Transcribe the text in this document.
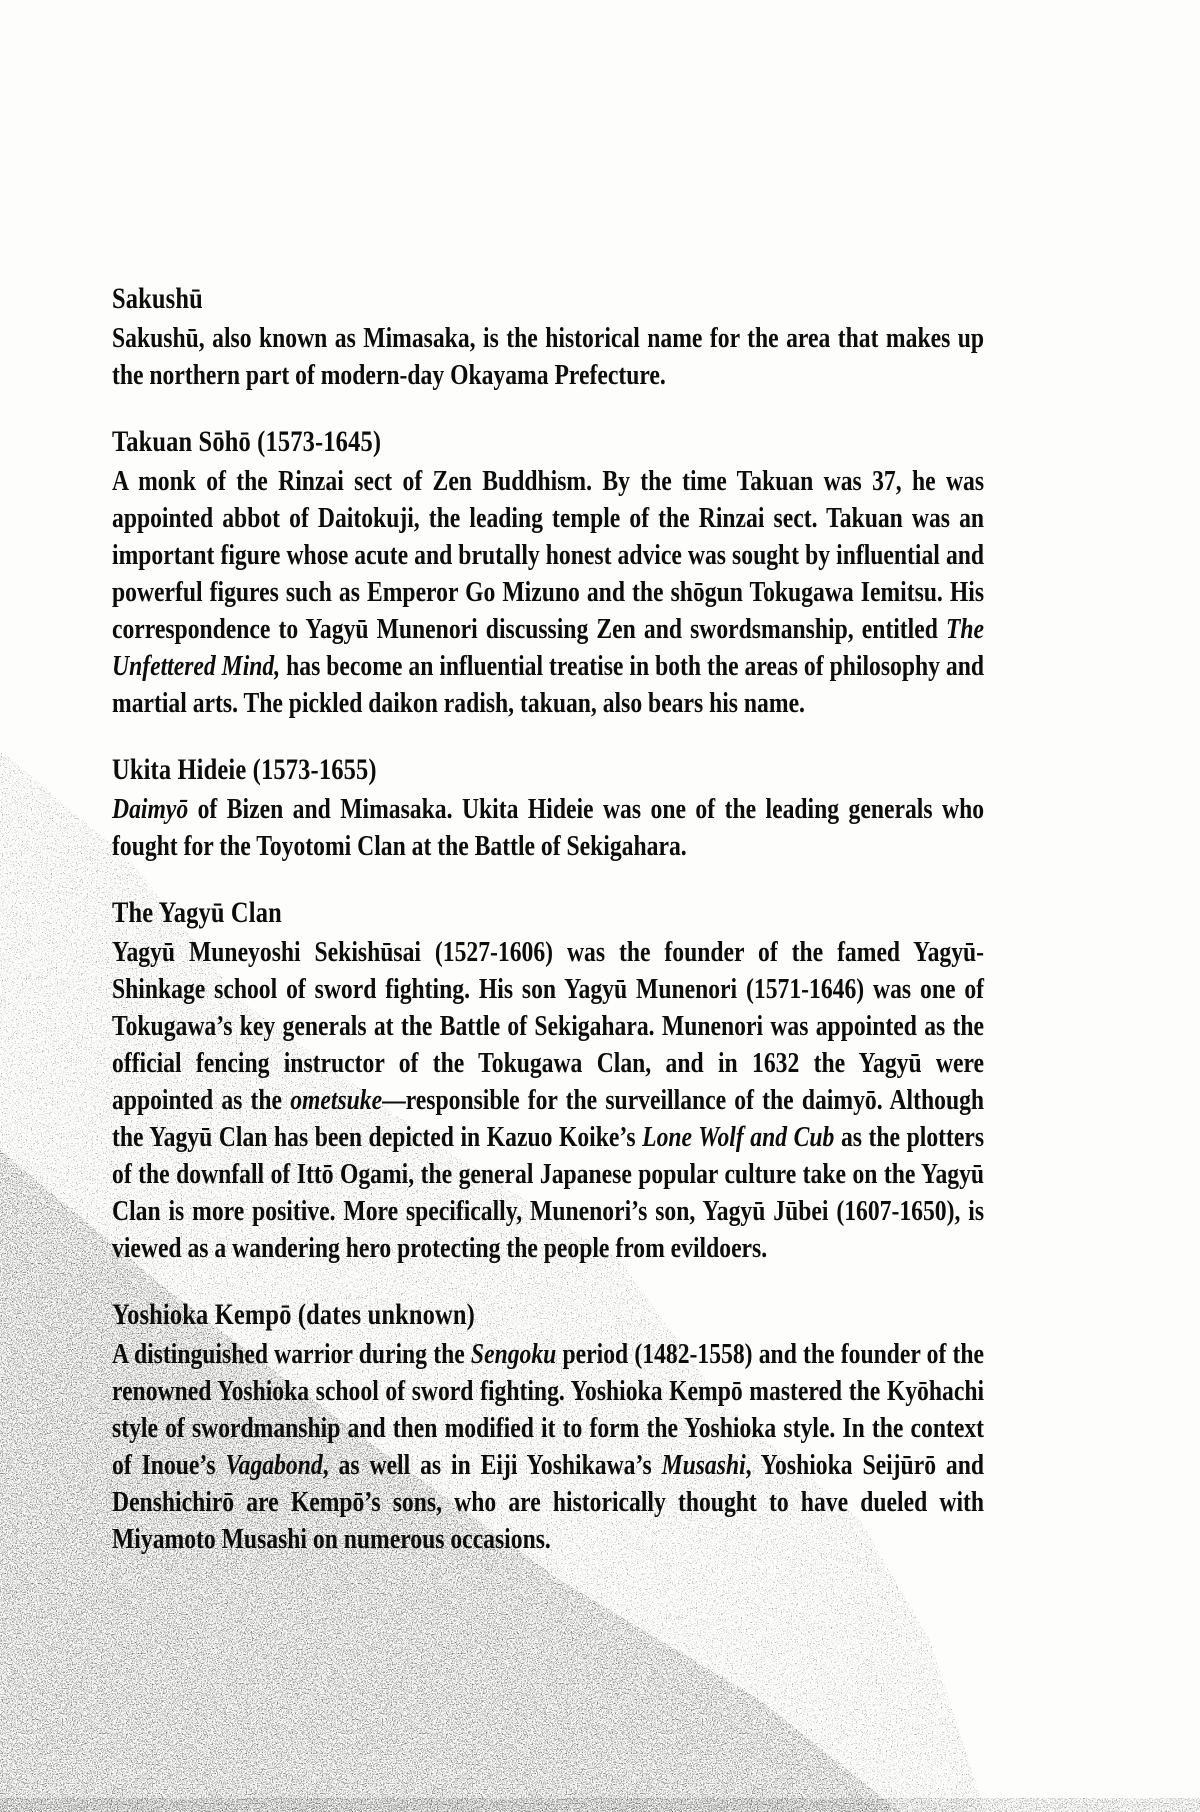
Sakushū

Sakushū, also known as Mimasaka, is the historical name for the area that makes up the northern part of modern-day Okayama Prefecture.

Takuan Sōhō (1573-1645)

A monk of the Rinzai sect of Zen Buddhism. By the time Takuan was 37, he was appointed abbot of Daitokuji, the leading temple of the Rinzai sect. Takuan was an important figure whose acute and brutally honest advice was sought by influential and powerful figures such as Emperor Go Mizuno and the shōgun Tokugawa Iemitsu. His correspondence to Yagyū Munenori discussing Zen and swordsmanship, entitled The Unfettered Mind, has become an influential treatise in both the areas of philosophy and martial arts. The pickled daikon radish, takuan, also bears his name.

Ukita Hideie (1573-1655)

Daimyō of Bizen and Mimasaka. Ukita Hideie was one of the leading generals who fought for the Toyotomi Clan at the Battle of Sekigahara.

The Yagyū Clan

Yagyū Muneyoshi Sekishūsai (1527-1606) was the founder of the famed Yagyū-Shinkage school of sword fighting. His son Yagyū Munenori (1571-1646) was one of Tokugawa’s key generals at the Battle of Sekigahara. Munenori was appointed as the official fencing instructor of the Tokugawa Clan, and in 1632 the Yagyū were appointed as the ometsuke—responsible for the surveillance of the daimyō. Although the Yagyū Clan has been depicted in Kazuo Koike’s Lone Wolf and Cub as the plotters of the downfall of Ittō Ogami, the general Japanese popular culture take on the Yagyū Clan is more positive. More specifically, Munenori’s son, Yagyū Jūbei (1607-1650), is viewed as a wandering hero protecting the people from evildoers.

Yoshioka Kempō (dates unknown)

A distinguished warrior during the Sengoku period (1482-1558) and the founder of the renowned Yoshioka school of sword fighting. Yoshioka Kempō mastered the Kyōhachi style of swordmanship and then modified it to form the Yoshioka style. In the context of Inoue’s Vagabond, as well as in Eiji Yoshikawa’s Musashi, Yoshioka Seijūrō and Denshichirō are Kempō’s sons, who are historically thought to have dueled with Miyamoto Musashi on numerous occasions.
